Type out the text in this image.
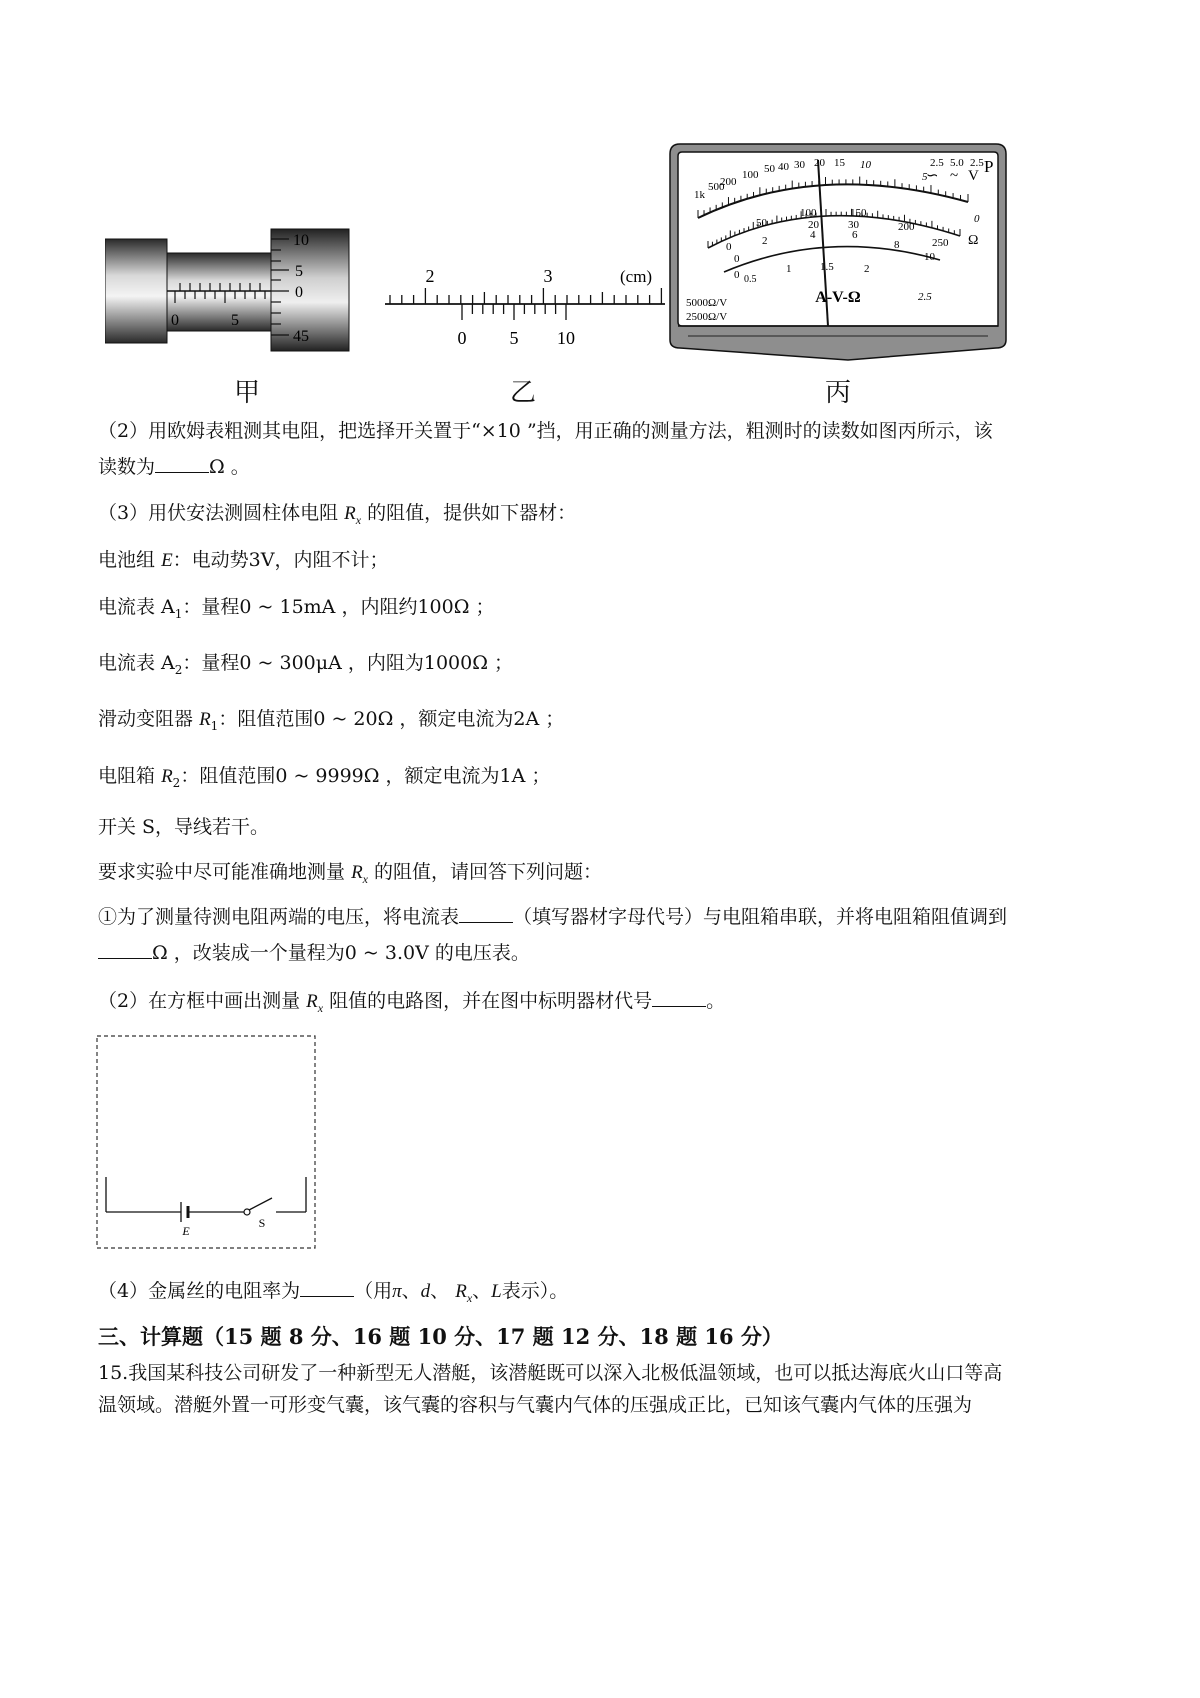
0	5
10
5
0
45
甲
2	3	(cm)
0 5 10
乙
1k
500
200
100 50 40 30 20 15 10
5
0
Ω
2.5 5.0 2.5
∽ ~ V P
0
50
100	150
200
250
0
2	4	6
8
10
20	30
0 0.5
1	1.5	2
2.5
A-V-Ω
5000Ω/V
2500Ω/V
丙
（2）用欧姆表粗测其电阻，把选择开关置于“×10 ”挡，用正确的测量方法，粗测时的读数如图丙所示，该
读数为	Ω 。
（3）用伏安法测圆柱体电阻 $R_x$ 的阻值，提供如下器材：
电池组 E：电动势3V，内阻不计；
电流表 $A_1$：量程0 ~ 15mA ，内阻约100Ω ；
电流表 $A_2$：量程0 ~ 300μA ，内阻为1000Ω ；
滑动变阻器 $R_1$：阻值范围0 ~ 20Ω ，额定电流为2A ；
电阻箱 $R_2$：阻值范围0 ~ 9999Ω ，额定电流为1A ；
开关 S，导线若干。
要求实验中尽可能准确地测量 $R_x$ 的阻值，请回答下列问题：
①为了测量待测电阻两端的电压，将电流表	（填写器材字母代号）与电阻箱串联，并将电阻箱阻值调到
Ω ，改装成一个量程为0 ~ 3.0V 的电压表。
（2）在方框中画出测量 $R_x$ 阻值的电路图，并在图中标明器材代号	。
E
S
（4）金属丝的电阻率为	（用π、d、 $R_x$、L表示）。
三、计算题（15 题 8 分、16 题 10 分、17 题 12 分、18 题 16 分）
15.我国某科技公司研发了一种新型无人潜艇，该潜艇既可以深入北极低温领域，也可以抵达海底火山口等高
温领域。潜艇外置一可形变气囊，该气囊的容积与气囊内气体的压强成正比，已知该气囊内气体的压强为
